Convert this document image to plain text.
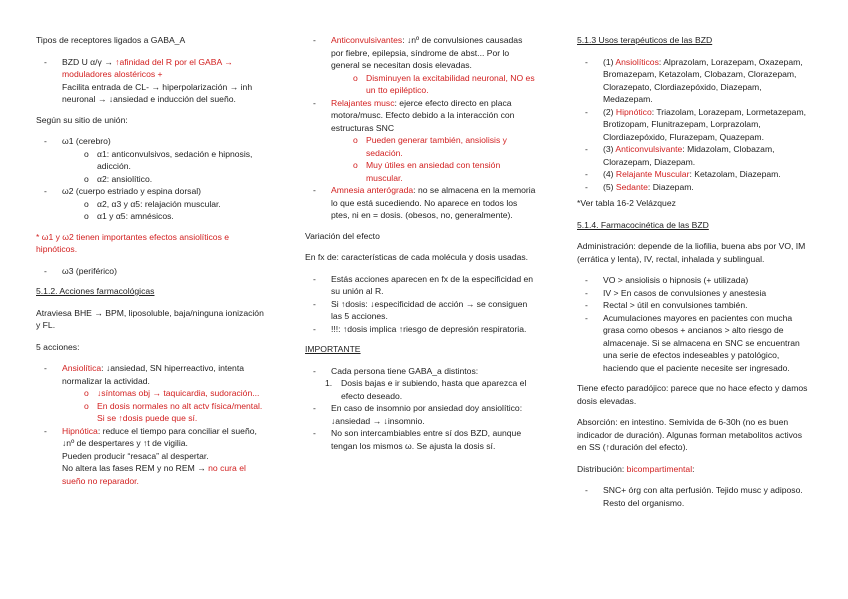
Tipos de receptores ligados a GABA_A

- BZD U α/γ → ↑afinidad del R por el GABA → moduladores alostéricos +
Facilita entrada de CL- → hiperpolarización → inh neuronal → ↓ansiedad e inducción del sueño.

Según su sitio de unión:

- ω1 (cerebro)
o α1: anticonvulsivos, sedación e hipnosis, adicción.
o α2: ansiolítico.
- ω2 (cuerpo estriado y espina dorsal)
o α2, α3 y α5: relajación muscular.
o α1 y α5: amnésicos.

* ω1 y ω2 tienen importantes efectos ansiolíticos e hipnóticos.

- ω3 (periférico)

5.1.2. Acciones farmacológicas

Atraviesa BHE → BPM, liposoluble, baja/ninguna ionización y FL.

5 acciones:

- Ansiolítica: ↓ansiedad, SN hiperreactivo, intenta normalizar la actividad.
o ↓síntomas obj → taquicardia, sudoración...
o En dosis normales no alt actv física/mental. Si se ↑dosis puede que sí.
- Hipnótica: reduce el tiempo para conciliar el sueño, ↓nº de despertares y ↑t de vigilia.
Pueden producir “resaca” al despertar.
No altera las fases REM y no REM → no cura el sueño no reparador.
- Anticonvulsivantes: ↓nº de convulsiones causadas por fiebre, epilepsia, síndrome de abst... Por lo general se necesitan dosis elevadas.
o Disminuyen la excitabilidad neuronal, NO es un tto epiléptico.
- Relajantes musc: ejerce efecto directo en placa motora/musc. Efecto debido a la interacción con estructuras SNC
o Pueden generar también, ansiolisis y sedación.
o Muy útiles en ansiedad con tensión muscular.
- Amnesia anterógrada: no se almacena en la memoria lo que está sucediendo. No aparece en todos los ptes, ni en = dosis. (obesos, no, generalmente).

Variación del efecto

En fx de: características de cada molécula y dosis usadas.

- Estás acciones aparecen en fx de la especificidad en su unión al R.
- Si ↑dosis: ↓especificidad de acción → se consiguen las 5 acciones.
- !!!: ↑dosis implica ↑riesgo de depresión respiratoria.

IMPORTANTE

- Cada persona tiene GABA_a distintos:
1. Dosis bajas e ir subiendo, hasta que aparezca el efecto deseado.
- En caso de insomnio por ansiedad doy ansiolítico: ↓ansiedad → ↓insomnio.
- No son intercambiables entre sí dos BZD, aunque tengan los mismos ω. Se ajusta la dosis sí.

5.1.3 Usos terapéuticos de las BZD

- (1) Ansiolíticos: Alprazolam, Lorazepam, Oxazepam, Bromazepam, Ketazolam, Clobazam, Clorazepam, Clorazepato, Clordiazepóxido, Diazepam, Medazepam.
- (2) Hipnótico: Triazolam, Lorazepam, Lormetazepam, Brotizopam, Flunitrazepam, Lorprazolam, Clordiazepóxido, Flurazepam, Quazepam.
- (3) Anticonvulsivante: Midazolam, Clobazam, Clorazepam, Diazepam.
- (4) Relajante Muscular: Ketazolam, Diazepam.
- (5) Sedante: Diazepam.

*Ver tabla 16-2 Velázquez

5.1.4. Farmacocinética de las BZD

Administración: depende de la liofilia, buena abs por VO, IM (errática y lenta), IV, rectal, inhalada y sublingual.

- VO > ansiolisis o hipnosis (+ utilizada)
- IV > En casos de convulsiones y anestesia
- Rectal > útil en convulsiones también.
- Acumulaciones mayores en pacientes con mucha grasa como obesos + ancianos > alto riesgo de almacenaje. Si se almacena en SNC se encuentran una serie de efectos indeseables y patológico, haciendo que el paciente necesite ser ingresado.

Tiene efecto paradójico: parece que no hace efecto y damos dosis elevadas.

Absorción: en intestino. Semivida de 6-30h (no es buen indicador de duración). Algunas forman metabolitos activos en SS (↑duración del efecto).

Distribución: bicompartimental:

- SNC+ órg con alta perfusión. Tejido musc y adiposo. Resto del organismo.
